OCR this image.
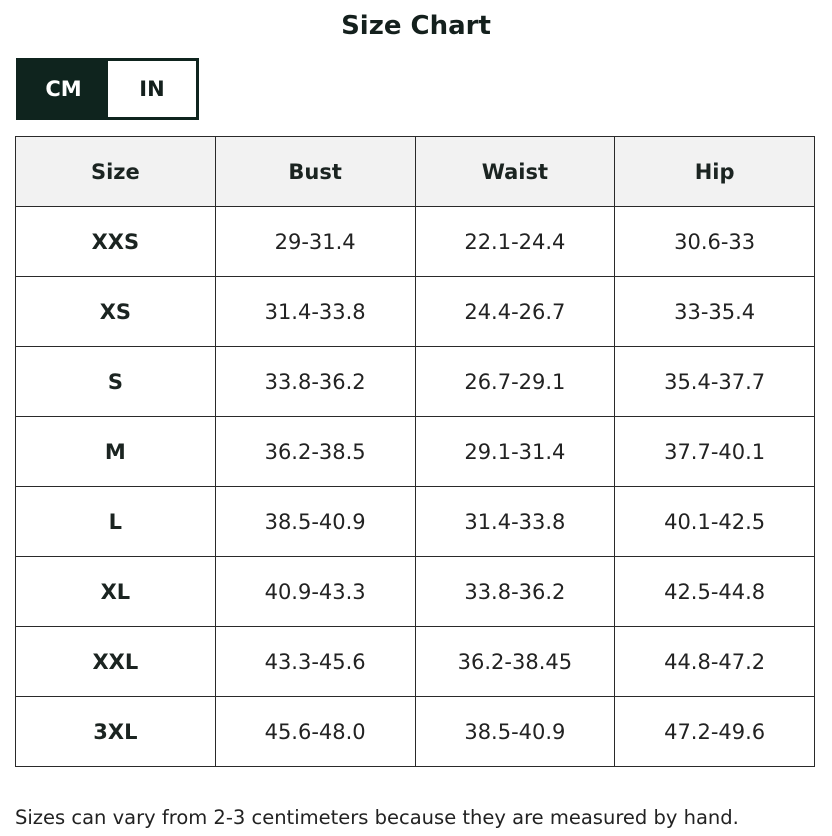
Size Chart
CM	IN
Size	Bust	Waist	Hip
XXS	29-31.4	22.1-24.4	30.6-33
XS	31.4-33.8	24.4-26.7	33-35.4
S	33.8-36.2	26.7-29.1	35.4-37.7
M	36.2-38.5	29.1-31.4	37.7-40.1
L	38.5-40.9	31.4-33.8	40.1-42.5
XL	40.9-43.3	33.8-36.2	42.5-44.8
XXL	43.3-45.6	36.2-38.45	44.8-47.2
3XL	45.6-48.0	38.5-40.9	47.2-49.6
Sizes can vary from 2-3 centimeters because they are measured by hand.
